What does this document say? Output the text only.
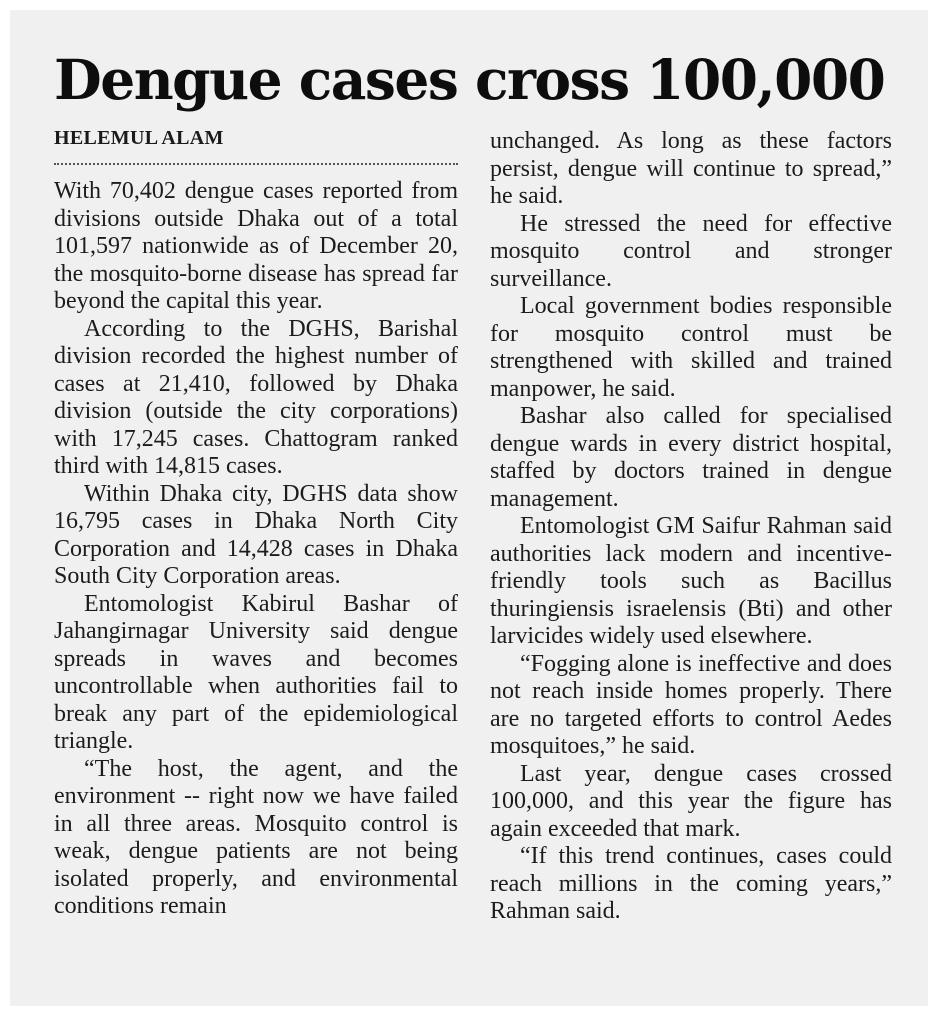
Dengue cases cross 100,000
HELEMUL ALAM

With 70,402 dengue cases reported from divisions outside Dhaka out of a total 101,597 nationwide as of December 20, the mosquito-borne disease has spread far beyond the capital this year.

According to the DGHS, Barishal division recorded the highest number of cases at 21,410, followed by Dhaka division (outside the city corporations) with 17,245 cases. Chattogram ranked third with 14,815 cases.

Within Dhaka city, DGHS data show 16,795 cases in Dhaka North City Corporation and 14,428 cases in Dhaka South City Corporation areas.

Entomologist Kabirul Bashar of Jahangirnagar University said dengue spreads in waves and becomes uncontrollable when authorities fail to break any part of the epidemiological triangle.

“The host, the agent, and the environment -- right now we have failed in all three areas. Mosquito control is weak, dengue patients are not being isolated properly, and environmental conditions remain

unchanged. As long as these factors persist, dengue will continue to spread,” he said.

He stressed the need for effective mosquito control and stronger surveillance.

Local government bodies responsible for mosquito control must be strengthened with skilled and trained manpower, he said.

Bashar also called for specialised dengue wards in every district hospital, staffed by doctors trained in dengue management.

Entomologist GM Saifur Rahman said authorities lack modern and incentive-friendly tools such as Bacillus thuringiensis israelensis (Bti) and other larvicides widely used elsewhere.

“Fogging alone is ineffective and does not reach inside homes properly. There are no targeted efforts to control Aedes mosquitoes,” he said.

Last year, dengue cases crossed 100,000, and this year the figure has again exceeded that mark.

“If this trend continues, cases could reach millions in the coming years,” Rahman said.
